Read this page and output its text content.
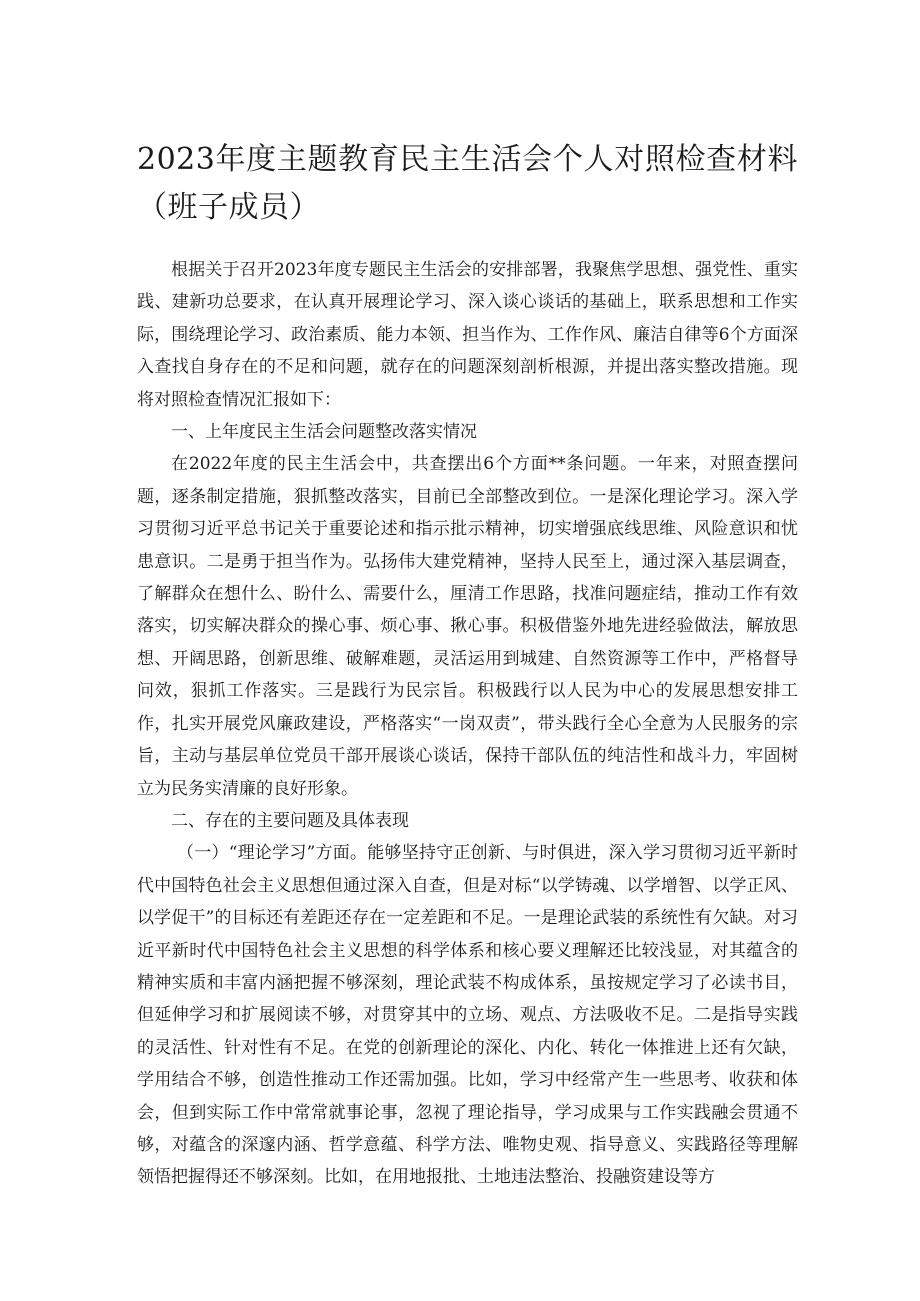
2023年度主题教育民主生活会个人对照检查材料（班子成员）

根据关于召开2023年度专题民主生活会的安排部署，我聚焦学思想、强党性、重实践、建新功总要求，在认真开展理论学习、深入谈心谈话的基础上，联系思想和工作实际，围绕理论学习、政治素质、能力本领、担当作为、工作作风、廉洁自律等6个方面深入查找自身存在的不足和问题，就存在的问题深刻剖析根源，并提出落实整改措施。现将对照检查情况汇报如下：

一、上年度民主生活会问题整改落实情况

在2022年度的民主生活会中，共查摆出6个方面**条问题。一年来，对照查摆问题，逐条制定措施，狠抓整改落实，目前已全部整改到位。一是深化理论学习。深入学习贯彻习近平总书记关于重要论述和指示批示精神，切实增强底线思维、风险意识和忧患意识。二是勇于担当作为。弘扬伟大建党精神，坚持人民至上，通过深入基层调查，了解群众在想什么、盼什么、需要什么，厘清工作思路，找准问题症结，推动工作有效落实，切实解决群众的操心事、烦心事、揪心事。积极借鉴外地先进经验做法，解放思想、开阔思路，创新思维、破解难题，灵活运用到城建、自然资源等工作中，严格督导问效，狠抓工作落实。三是践行为民宗旨。积极践行以人民为中心的发展思想安排工作，扎实开展党风廉政建设，严格落实“一岗双责”，带头践行全心全意为人民服务的宗旨，主动与基层单位党员干部开展谈心谈话，保持干部队伍的纯洁性和战斗力，牢固树立为民务实清廉的良好形象。

二、存在的主要问题及具体表现

（一）“理论学习”方面。能够坚持守正创新、与时俱进，深入学习贯彻习近平新时代中国特色社会主义思想但通过深入自查，但是对标“以学铸魂、以学增智、以学正风、以学促干”的目标还有差距还存在一定差距和不足。一是理论武装的系统性有欠缺。对习近平新时代中国特色社会主义思想的科学体系和核心要义理解还比较浅显，对其蕴含的精神实质和丰富内涵把握不够深刻，理论武装不构成体系，虽按规定学习了必读书目，但延伸学习和扩展阅读不够，对贯穿其中的立场、观点、方法吸收不足。二是指导实践的灵活性、针对性有不足。在党的创新理论的深化、内化、转化一体推进上还有欠缺，学用结合不够，创造性推动工作还需加强。比如，学习中经常产生一些思考、收获和体会，但到实际工作中常常就事论事，忽视了理论指导，学习成果与工作实践融会贯通不够，对蕴含的深邃内涵、哲学意蕴、科学方法、唯物史观、指导意义、实践路径等理解领悟把握得还不够深刻。比如，在用地报批、土地违法整治、投融资建设等方
